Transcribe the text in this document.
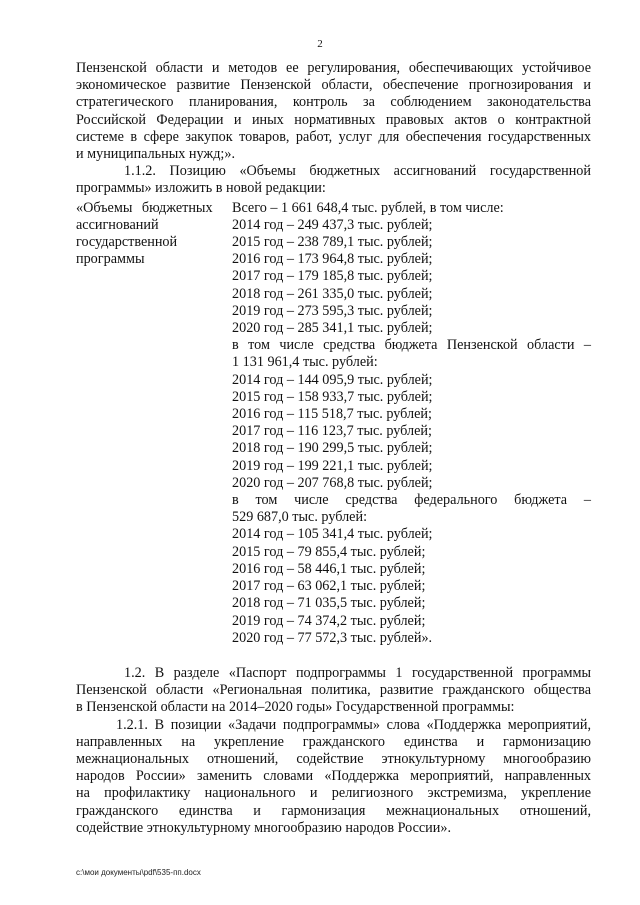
2
Пензенской области и методов ее регулирования, обеспечивающих устойчивое
экономическое развитие Пензенской области, обеспечение прогнозирования и
стратегического планирования, контроль за соблюдением законодательства
Российской Федерации и иных нормативных правовых актов о контрактной
системе в сфере закупок товаров, работ, услуг для обеспечения государственных
и муниципальных нужд;».
1.1.2. Позицию «Объемы бюджетных ассигнований государственной
программы» изложить в новой редакции:
«Объемы бюджетных
ассигнований
государственной
программы
Всего – 1 661 648,4 тыс. рублей, в том числе:
2014 год – 249 437,3 тыс. рублей;
2015 год – 238 789,1 тыс. рублей;
2016 год – 173 964,8 тыс. рублей;
2017 год – 179 185,8 тыс. рублей;
2018 год – 261 335,0 тыс. рублей;
2019 год – 273 595,3 тыс. рублей;
2020 год – 285 341,1 тыс. рублей;
в том числе средства бюджета Пензенской области –
1 131 961,4 тыс. рублей:
2014 год – 144 095,9 тыс. рублей;
2015 год – 158 933,7 тыс. рублей;
2016 год – 115 518,7 тыс. рублей;
2017 год – 116 123,7 тыс. рублей;
2018 год – 190 299,5 тыс. рублей;
2019 год – 199 221,1 тыс. рублей;
2020 год – 207 768,8 тыс. рублей;
в том числе средства федерального бюджета –
529 687,0 тыс. рублей:
2014 год – 105 341,4 тыс. рублей;
2015 год – 79 855,4 тыс. рублей;
2016 год – 58 446,1 тыс. рублей;
2017 год – 63 062,1 тыс. рублей;
2018 год – 71 035,5 тыс. рублей;
2019 год – 74 374,2 тыс. рублей;
2020 год – 77 572,3 тыс. рублей».
1.2. В разделе «Паспорт подпрограммы 1 государственной программы
Пензенской области «Региональная политика, развитие гражданского общества
в Пензенской области на 2014–2020 годы» Государственной программы:
1.2.1. В позиции «Задачи подпрограммы» слова «Поддержка мероприятий,
направленных на укрепление гражданского единства и гармонизацию
межнациональных отношений, содействие этнокультурному многообразию
народов России» заменить словами «Поддержка мероприятий, направленных
на профилактику национального и религиозного экстремизма, укрепление
гражданского единства и гармонизация межнациональных отношений,
содействие этнокультурному многообразию народов России».
c:\мои документы\pdf\535-пп.docx
